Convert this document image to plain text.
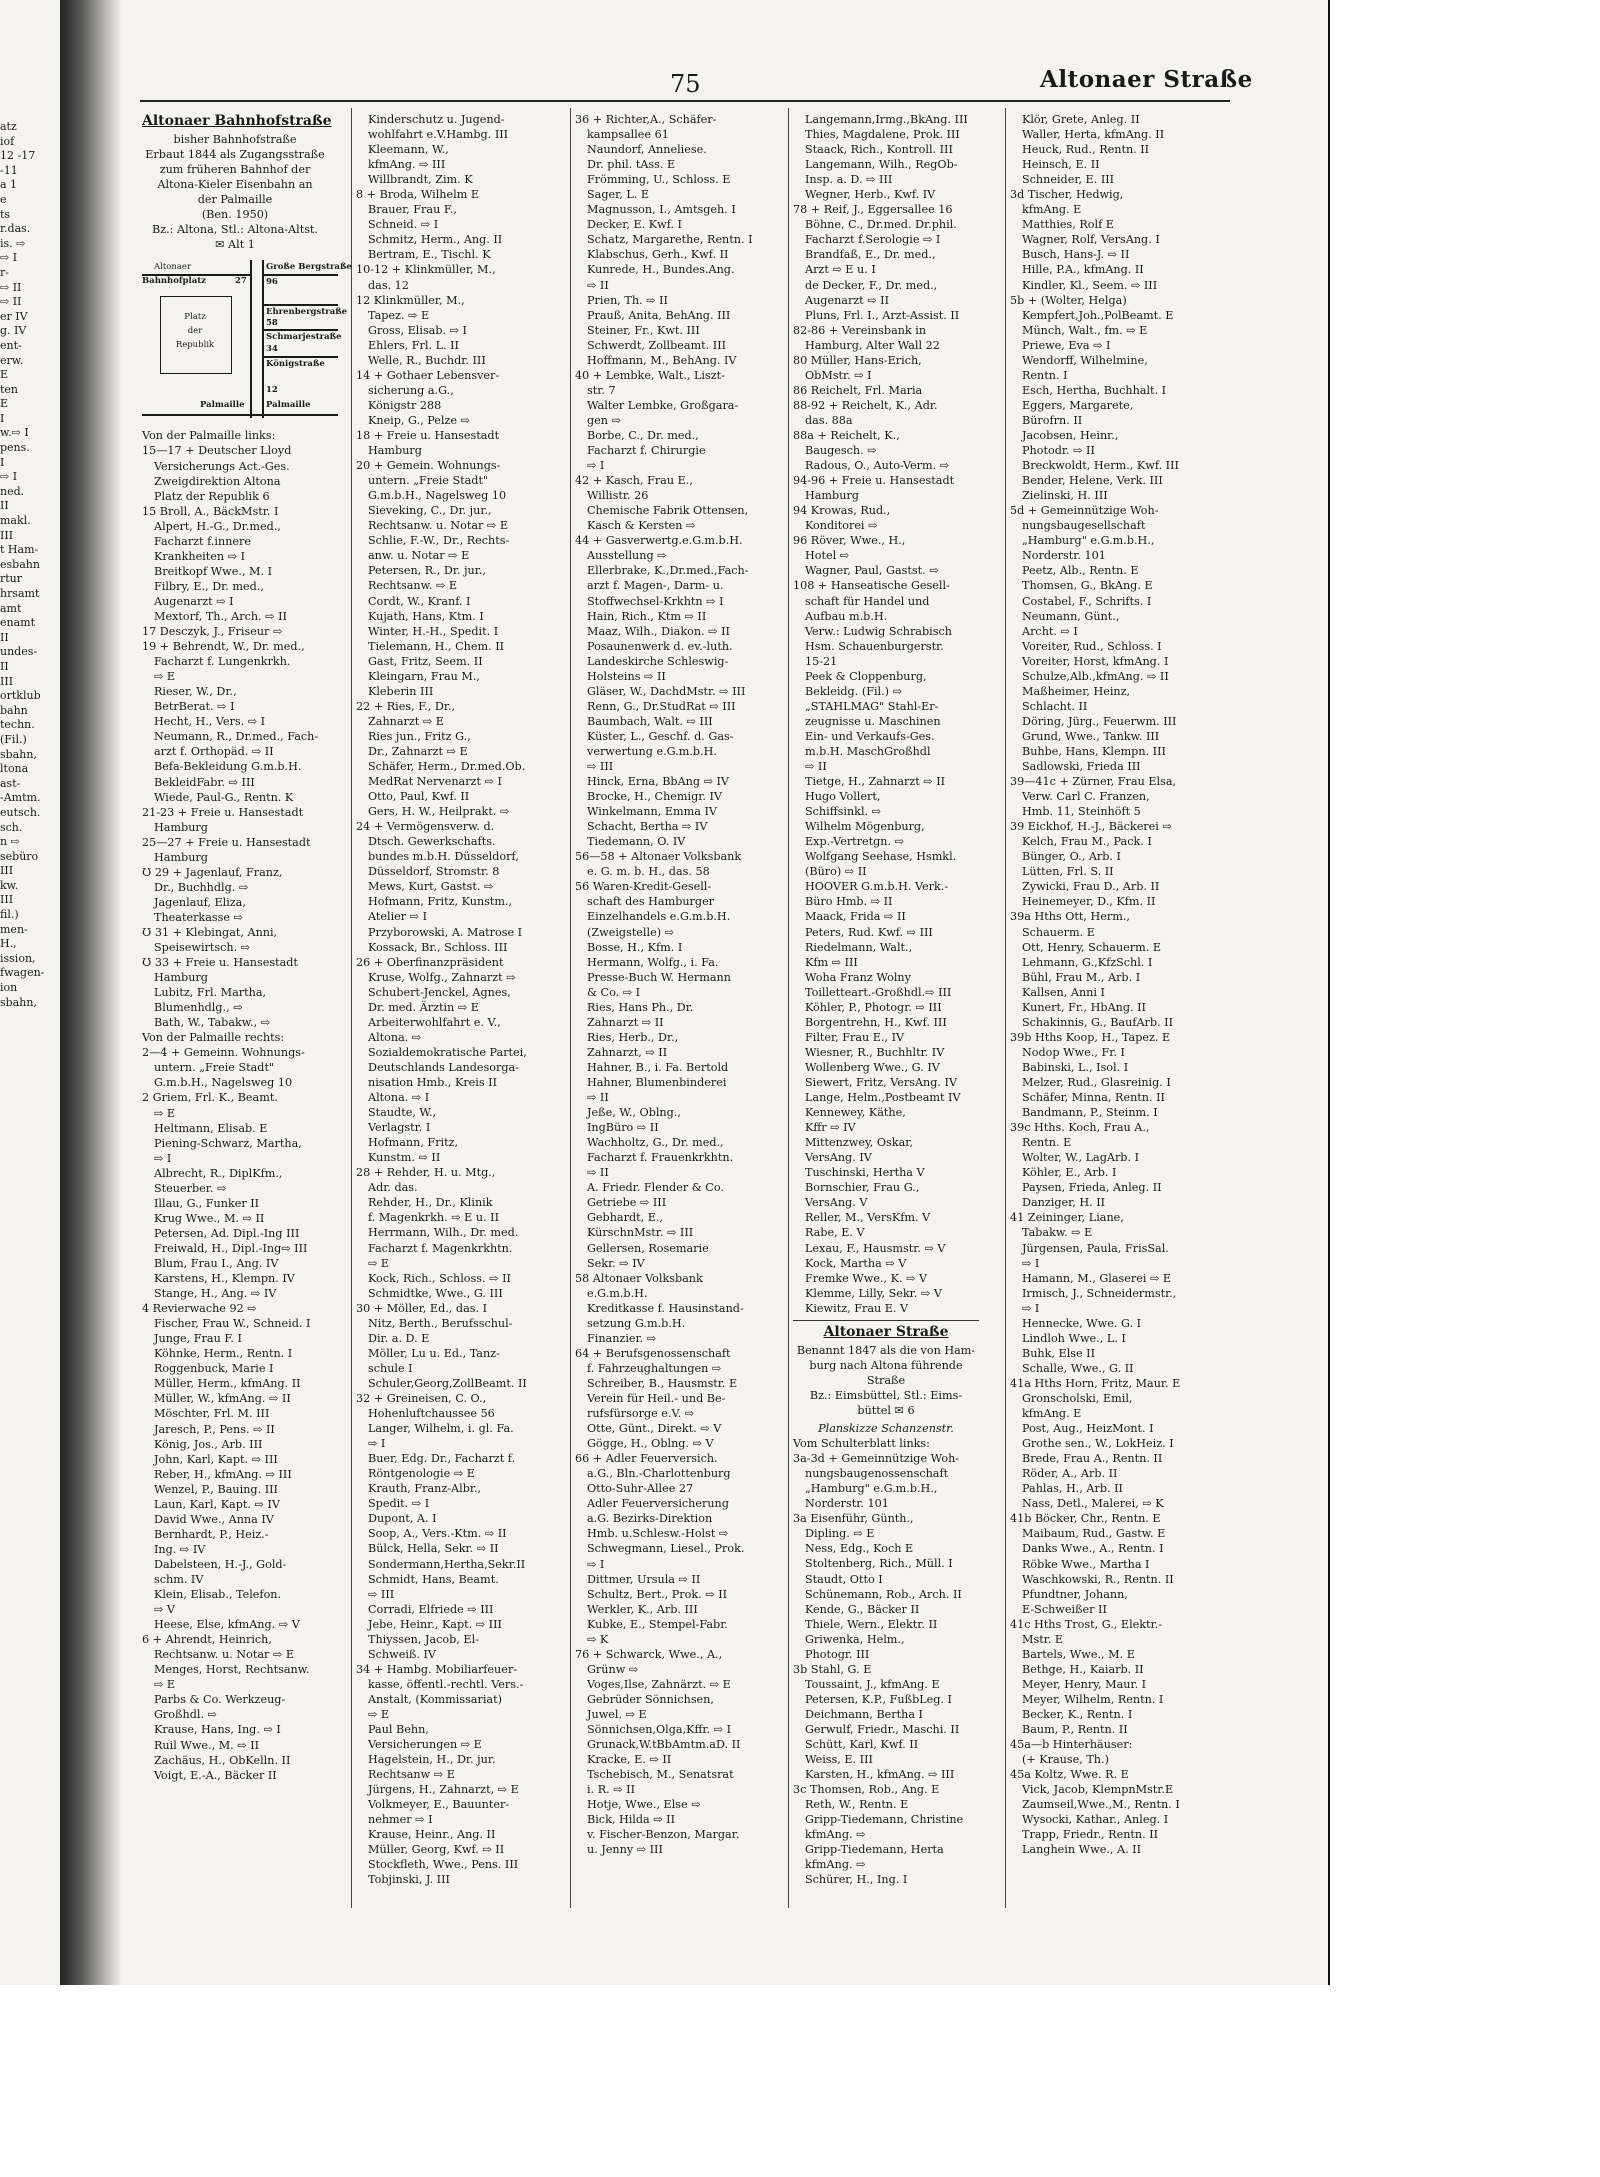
atz
iof
12 -17
-11
a 1
e
ts
r.das.
is. ⇨
⇨ I
r-
⇨ II
⇨ II
er IV
g. IV
ent-
erw.
E
ten
E
I
w.⇨ I
pens.
I
⇨ I
ned.
II
makl.
III
t Ham-
esbahn
rtur
hrsamt
amt
enamt
II
undes-
II
III
ortklub
bahn
techn.
(Fil.)
sbahn,
ltona
ast-
-Amtm.
eutsch.
sch.
n ⇨
sebüro
III
kw.
III
fil.)
men-
H.,
ission,
fwagen-
ion
sbahn,
75	Altonaer Straße
Altonaer Bahnhofstraße
bisher Bahnhofstraße
Erbaut 1844 als Zugangsstraße
zum früheren Bahnhof der
Altona-Kieler Eisenbahn an
der Palmaille
(Ben. 1950)
Bz.: Altona, Stl.: Altona-Altst.
✉ Alt 1
Altonaer
Bahnhofplatz	27
Große Bergstraße
96
Ehrenbergstraße
58
Schmarjestraße
34
Königstraße
Platz
der
Republik
12
Palmaille	Palmaille
Von der Palmaille links:
15—17 + Deutscher Lloyd
Versicherungs Act.-Ges.
Zweigdirektion Altona
Platz der Republik 6
15 Broll, A., BäckMstr. I
Alpert, H.-G., Dr.med.,
Facharzt f.innere
Krankheiten ⇨ I
Breitkopf Wwe., M. I
Filbry, E., Dr. med.,
Augenarzt ⇨ I
Mextorf, Th., Arch. ⇨ II
17 Desczyk, J., Friseur ⇨
19 + Behrendt, W., Dr. med.,
Facharzt f. Lungenkrkh.
⇨ E
Rieser, W., Dr.,
BetrBerat. ⇨ I
Hecht, H., Vers. ⇨ I
Neumann, R., Dr.med., Fach-
arzt f. Orthopäd. ⇨ II
Befa-Bekleidung G.m.b.H.
BekleidFabr. ⇨ III
Wiede, Paul-G., Rentn. K
21-23 + Freie u. Hansestadt
Hamburg
25—27 + Freie u. Hansestadt
Hamburg
Ʊ 29 + Jagenlauf, Franz,
Dr., Buchhdlg. ⇨
Jagenlauf, Eliza,
Theaterkasse ⇨
Ʊ 31 + Klebingat, Anni,
Speisewirtsch. ⇨
Ʊ 33 + Freie u. Hansestadt
Hamburg
Lubitz, Frl. Martha,
Blumenhdlg., ⇨
Bath, W., Tabakw., ⇨
Von der Palmaille rechts:
2—4 + Gemeinn. Wohnungs-
untern. „Freie Stadt"
G.m.b.H., Nagelsweg 10
2 Griem, Frl. K., Beamt.
⇨ E
Heltmann, Elisab. E
Piening-Schwarz, Martha,
⇨ I
Albrecht, R., DiplKfm.,
Steuerber. ⇨
Illau, G., Funker II
Krug Wwe., M. ⇨ II
Petersen, Ad. Dipl.-Ing III
Freiwald, H., Dipl.-Ing⇨ III
Blum, Frau I., Ang. IV
Karstens, H., Klempn. IV
Stange, H., Ang. ⇨ IV
4 Revierwache 92 ⇨
Fischer, Frau W., Schneid. I
Junge, Frau F. I
Köhnke, Herm., Rentn. I
Roggenbuck, Marie I
Müller, Herm., kfmAng. II
Müller, W., kfmAng. ⇨ II
Möschter, Frl. M. III
Jaresch, P., Pens. ⇨ II
König, Jos., Arb. III
John, Karl, Kapt. ⇨ III
Reber, H., kfmAng. ⇨ III
Wenzel, P., Bauing. III
Laun, Karl, Kapt. ⇨ IV
David Wwe., Anna IV
Bernhardt, P., Heiz.-
Ing. ⇨ IV
Dabelsteen, H.-J., Gold-
schm. IV
Klein, Elisab., Telefon.
⇨ V
Heese, Else, kfmAng. ⇨ V
6 + Ahrendt, Heinrich,
Rechtsanw. u. Notar ⇨ E
Menges, Horst, Rechtsanw.
⇨ E
Parbs & Co. Werkzeug-
Großhdl. ⇨
Krause, Hans, Ing. ⇨ I
Ruil Wwe., M. ⇨ II
Zachäus, H., ObKelln. II
Voigt, E.-A., Bäcker II
Kinderschutz u. Jugend-
wohlfahrt e.V.Hambg. III
Kleemann, W.,
kfmAng. ⇨ III
Willbrandt, Zim. K
8 + Broda, Wilhelm E
Brauer, Frau F.,
Schneid. ⇨ I
Schmitz, Herm., Ang. II
Bertram, E., Tischl. K
10-12 + Klinkmüller, M.,
das. 12
12 Klinkmüller, M.,
Tapez. ⇨ E
Gross, Elisab. ⇨ I
Ehlers, Frl. L. II
Welle, R., Buchdr. III
14 + Gothaer Lebensver-
sicherung a.G.,
Königstr 288
Kneip, G., Pelze ⇨
18 + Freie u. Hansestadt
Hamburg
20 + Gemein. Wohnungs-
untern. „Freie Stadt"
G.m.b.H., Nagelsweg 10
Sieveking, C., Dr. jur.,
Rechtsanw. u. Notar ⇨ E
Schlie, F.-W., Dr., Rechts-
anw. u. Notar ⇨ E
Petersen, R., Dr. jur.,
Rechtsanw. ⇨ E
Cordt, W., Kranf. I
Kujath, Hans, Ktm. I
Winter, H.-H., Spedit. I
Tielemann, H., Chem. II
Gast, Fritz, Seem. II
Kleingarn, Frau M.,
Kleberin III
22 + Ries, F., Dr.,
Zahnarzt ⇨ E
Ries jun., Fritz G.,
Dr., Zahnarzt ⇨ E
Schäfer, Herm., Dr.med.Ob.
MedRat Nervenarzt ⇨ I
Otto, Paul, Kwf. II
Gers, H. W., Heilprakt. ⇨
24 + Vermögensverw. d.
Dtsch. Gewerkschafts.
bundes m.b.H. Düsseldorf,
Düsseldorf, Stromstr. 8
Mews, Kurt, Gastst. ⇨
Hofmann, Fritz, Kunstm.,
Atelier ⇨ I
Przyborowski, A. Matrose I
Kossack, Br., Schloss. III
26 + Oberfinanzpräsident
Kruse, Wolfg., Zahnarzt ⇨
Schubert-Jenckel, Agnes,
Dr. med. Ärztin ⇨ E
Arbeiterwohlfahrt e. V.,
Altona. ⇨
Sozialdemokratische Partei,
Deutschlands Landesorga-
nisation Hmb., Kreis II
Altona. ⇨ I
Staudte, W.,
Verlagstr. I
Hofmann, Fritz,
Kunstm. ⇨ II
28 + Rehder, H. u. Mtg.,
Adr. das.
Rehder, H., Dr., Klinik
f. Magenkrkh. ⇨ E u. II
Herrmann, Wilh., Dr. med.
Facharzt f. Magenkrkhtn.
⇨ E
Kock, Rich., Schloss. ⇨ II
Schmidtke, Wwe., G. III
30 + Möller, Ed., das. I
Nitz, Berth., Berufsschul-
Dir. a. D. E
Möller, Lu u. Ed., Tanz-
schule I
Schuler,Georg,ZollBeamt. II
32 + Greineisen, C. O.,
Hohenluftchaussee 56
Langer, Wilhelm, i. gl. Fa.
⇨ I
Buer, Edg. Dr., Facharzt f.
Röntgenologie ⇨ E
Krauth, Franz-Albr.,
Spedit. ⇨ I
Dupont, A. I
Soop, A., Vers.-Ktm. ⇨ II
Bülck, Hella, Sekr. ⇨ II
Sondermann,Hertha,Sekr.II
Schmidt, Hans, Beamt.
⇨ III
Corradi, Elfriede ⇨ III
Jebe, Heinr., Kapt. ⇨ III
Thiyssen, Jacob, El-
Schweiß. IV
34 + Hambg. Mobiliarfeuer-
kasse, öffentl.-rechtl. Vers.-
Anstalt, (Kommissariat)
⇨ E
Paul Behn,
Versicherungen ⇨ E
Hagelstein, H., Dr. jur.
Rechtsanw ⇨ E
Jürgens, H., Zahnarzt, ⇨ E
Volkmeyer, E., Bauunter-
nehmer ⇨ I
Krause, Heinr., Ang. II
Müller, Georg, Kwf. ⇨ II
Stockfleth, Wwe., Pens. III
Tobjinski, J. III
36 + Richter,A., Schäfer-
kampsallee 61
Naundorf, Anneliese.
Dr. phil. tAss. E
Frömming, U., Schloss. E
Sager, L. E
Magnusson, I., Amtsgeh. I
Decker, E. Kwf. I
Schatz, Margarethe, Rentn. I
Klabschus, Gerh., Kwf. II
Kunrede, H., Bundes.Ang.
⇨ II
Prien, Th. ⇨ II
Prauß, Anita, BehAng. III
Steiner, Fr., Kwt. III
Schwerdt, Zollbeamt. III
Hoffmann, M., BehAng. IV
40 + Lembke, Walt., Liszt-
str. 7
Walter Lembke, Großgara-
gen ⇨
Borbe, C., Dr. med.,
Facharzt f. Chirurgie
⇨ I
42 + Kasch, Frau E.,
Willistr. 26
Chemische Fabrik Ottensen,
Kasch & Kersten ⇨
44 + Gasverwertg.e.G.m.b.H.
Ausstellung ⇨
Ellerbrake, K.,Dr.med.,Fach-
arzt f. Magen-, Darm- u.
Stoffwechsel-Krkhtn ⇨ I
Hain, Rich., Ktm ⇨ II
Maaz, Wilh., Diakon. ⇨ II
Posaunenwerk d. ev.-luth.
Landeskirche Schleswig-
Holsteins ⇨ II
Gläser, W., DachdMstr. ⇨ III
Renn, G., Dr.StudRat ⇨ III
Baumbach, Walt. ⇨ III
Küster, L., Geschf. d. Gas-
verwertung e.G.m.b.H.
⇨ III
Hinck, Erna, BbAng ⇨ IV
Brocke, H., Chemigr. IV
Winkelmann, Emma IV
Schacht, Bertha ⇨ IV
Tiedemann, O. IV
56—58 + Altonaer Volksbank
e. G. m. b. H., das. 58
56 Waren-Kredit-Gesell-
schaft des Hamburger
Einzelhandels e.G.m.b.H.
(Zweigstelle) ⇨
Bosse, H., Kfm. I
Hermann, Wolfg., i. Fa.
Presse-Buch W. Hermann
& Co. ⇨ I
Ries, Hans Ph., Dr.
Zahnarzt ⇨ II
Ries, Herb., Dr.,
Zahnarzt, ⇨ II
Hahner, B., i. Fa. Bertold
Hahner, Blumenbinderei
⇨ II
Jeße, W., Oblng.,
IngBüro ⇨ II
Wachholtz, G., Dr. med.,
Facharzt f. Frauenkrkhtn.
⇨ II
A. Friedr. Flender & Co.
Getriebe ⇨ III
Gebhardt, E.,
KürschnMstr. ⇨ III
Gellersen, Rosemarie
Sekr. ⇨ IV
58 Altonaer Volksbank
e.G.m.b.H.
Kreditkasse f. Hausinstand-
setzung G.m.b.H.
Finanzier. ⇨
64 + Berufsgenossenschaft
f. Fahrzeughaltungen ⇨
Schreiber, B., Hausmstr. E
Verein für Heil.- und Be-
rufsfürsorge e.V. ⇨
Otte, Günt., Direkt. ⇨ V
Gögge, H., Oblng. ⇨ V
66 + Adler Feuerversich.
a.G., Bln.-Charlottenburg
Otto-Suhr-Allee 27
Adler Feuerversicherung
a.G. Bezirks-Direktion
Hmb. u.Schlesw.-Holst ⇨
Schwegmann, Liesel., Prok.
⇨ I
Dittmer, Ursula ⇨ II
Schultz, Bert., Prok. ⇨ II
Werkler, K., Arb. III
Kubke, E., Stempel-Fabr.
⇨ K
76 + Schwarck, Wwe., A.,
Grünw ⇨
Voges,Ilse, Zahnärzt. ⇨ E
Gebrüder Sönnichsen,
Juwel. ⇨ E
Sönnichsen,Olga,Kffr. ⇨ I
Grunack,W.tBbAmtm.aD. II
Kracke, E. ⇨ II
Tschebisch, M., Senatsrat
i. R. ⇨ II
Hotje, Wwe., Else ⇨
Bick, Hilda ⇨ II
v. Fischer-Benzon, Margar.
u. Jenny ⇨ III
Langemann,Irmg.,BkAng. III
Thies, Magdalene, Prok. III
Staack, Rich., Kontroll. III
Langemann, Wilh., RegOb-
Insp. a. D. ⇨ III
Wegner, Herb., Kwf. IV
78 + Reif, J., Eggersallee 16
Böhne, C., Dr.med. Dr.phil.
Facharzt f.Serologie ⇨ I
Brandfaß, E., Dr. med.,
Arzt ⇨ E u. I
de Decker, F., Dr. med.,
Augenarzt ⇨ II
Pluns, Frl. I., Arzt-Assist. II
82-86 + Vereinsbank in
Hamburg, Alter Wall 22
80 Müller, Hans-Erich,
ObMstr. ⇨ I
86 Reichelt, Frl. Maria
88-92 + Reichelt, K., Adr.
das. 88a
88a + Reichelt, K.,
Baugesch. ⇨
Radous, O., Auto-Verm. ⇨
94-96 + Freie u. Hansestadt
Hamburg
94 Krowas, Rud.,
Konditorei ⇨
96 Röver, Wwe., H.,
Hotel ⇨
Wagner, Paul, Gastst. ⇨
108 + Hanseatische Gesell-
schaft für Handel und
Aufbau m.b.H.
Verw.: Ludwig Schrabisch
Hsm. Schauenburgerstr.
15-21
Peek & Cloppenburg,
Bekleidg. (Fil.) ⇨
„STAHLMAG" Stahl-Er-
zeugnisse u. Maschinen
Ein- und Verkaufs-Ges.
m.b.H. MaschGroßhdl
⇨ II
Tietge, H., Zahnarzt ⇨ II
Hugo Vollert,
Schiffsinkl. ⇨
Wilhelm Mögenburg,
Exp.-Vertretgn. ⇨
Wolfgang Seehase, Hsmkl.
(Büro) ⇨ II
HOOVER G.m.b.H. Verk.-
Büro Hmb. ⇨ II
Maack, Frida ⇨ II
Peters, Rud. Kwf. ⇨ III
Riedelmann, Walt.,
Kfm ⇨ III
Woha Franz Wolny
Toilletteart.-Großhdl.⇨ III
Köhler, P., Photogr. ⇨ III
Borgentrehn, H., Kwf. III
Filter, Frau E., IV
Wiesner, R., Buchhltr. IV
Wollenberg Wwe., G. IV
Siewert, Fritz, VersAng. IV
Lange, Helm.,Postbeamt IV
Kennewey, Käthe,
Kffr ⇨ IV
Mittenzwey, Oskar,
VersAng. IV
Tuschinski, Hertha V
Bornschier, Frau G.,
VersAng. V
Reller, M., VersKfm. V
Rabe, E. V
Lexau, F., Hausmstr. ⇨ V
Kock, Martha ⇨ V
Fremke Wwe., K. ⇨ V
Klemme, Lilly, Sekr. ⇨ V
Kiewitz, Frau E. V
Altonaer Straße
Benannt 1847 als die von Ham-
burg nach Altona führende
Straße
Bz.: Eimsbüttel, Stl.: Eims-
büttel ✉ 6
Planskizze Schanzenstr.
Vom Schulterblatt links:
3a-3d + Gemeinnützige Woh-
nungsbaugenossenschaft
„Hamburg" e.G.m.b.H.,
Norderstr. 101
3a Eisenführ, Günth.,
Dipling. ⇨ E
Ness, Edg., Koch E
Stoltenberg, Rich., Müll. I
Staudt, Otto I
Schünemann, Rob., Arch. II
Kende, G., Bäcker II
Thiele, Wern., Elektr. II
Griwenka, Helm.,
Photogr. III
3b Stahl, G. E
Toussaint, J., kfmAng. E
Petersen, K.P., FußbLeg. I
Deichmann, Bertha I
Gerwulf, Friedr., Maschi. II
Schütt, Karl, Kwf. II
Weiss, E. III
Karsten, H., kfmAng. ⇨ III
3c Thomsen, Rob., Ang. E
Reth, W., Rentn. E
Gripp-Tiedemann, Christine
kfmAng. ⇨
Gripp-Tiedemann, Herta
kfmAng. ⇨
Schürer, H., Ing. I
Klör, Grete, Anleg. II
Waller, Herta, kfmAng. II
Heuck, Rud., Rentn. II
Heinsch, E. II
Schneider, E. III
3d Tischer, Hedwig,
kfmAng. E
Matthies, Rolf E
Wagner, Rolf, VersAng. I
Busch, Hans-J. ⇨ II
Hille, P.A., kfmAng. II
Kindler, Kl., Seem. ⇨ III
5b + (Wolter, Helga)
Kempfert,Joh.,PolBeamt. E
Münch, Walt., fm. ⇨ E
Priewe, Eva ⇨ I
Wendorff, Wilhelmine,
Rentn. I
Esch, Hertha, Buchhalt. I
Eggers, Margarete,
Bürofrn. II
Jacobsen, Heinr.,
Photodr. ⇨ II
Breckwoldt, Herm., Kwf. III
Bender, Helene, Verk. III
Zielinski, H. III
5d + Gemeinnützige Woh-
nungsbaugesellschaft
„Hamburg" e.G.m.b.H.,
Norderstr. 101
Peetz, Alb., Rentn. E
Thomsen, G., BkAng. E
Costabel, F., Schrifts. I
Neumann, Günt.,
Archt. ⇨ I
Voreiter, Rud., Schloss. I
Voreiter, Horst, kfmAng. I
Schulze,Alb.,kfmAng. ⇨ II
Maßheimer, Heinz,
Schlacht. II
Döring, Jürg., Feuerwm. III
Grund, Wwe., Tankw. III
Buhbe, Hans, Klempn. III
Sadlowski, Frieda III
39—41c + Zürner, Frau Elsa,
Verw. Carl C. Franzen,
Hmb. 11, Steinhöft 5
39 Eickhof, H.-J., Bäckerei ⇨
Kelch, Frau M., Pack. I
Bünger, O., Arb. I
Lütten, Frl. S. II
Zywicki, Frau D., Arb. II
Heinemeyer, D., Kfm. II
39a Hths Ott, Herm.,
Schauerm. E
Ott, Henry, Schauerm. E
Lehmann, G.,KfzSchl. I
Bühl, Frau M., Arb. I
Kallsen, Anni I
Kunert, Fr., HbAng. II
Schakinnis, G., BaufArb. II
39b Hths Koop, H., Tapez. E
Nodop Wwe., Fr. I
Babinski, L., Isol. I
Melzer, Rud., Glasreinig. I
Schäfer, Minna, Rentn. II
Bandmann, P., Steinm. I
39c Hths. Koch, Frau A.,
Rentn. E
Wolter, W., LagArb. I
Köhler, E., Arb. I
Paysen, Frieda, Anleg. II
Danziger, H. II
41 Zeininger, Liane,
Tabakw. ⇨ E
Jürgensen, Paula, FrisSal.
⇨ I
Hamann, M., Glaserei ⇨ E
Irmisch, J., Schneidermstr.,
⇨ I
Hennecke, Wwe. G. I
Lindloh Wwe., L. I
Buhk, Else II
Schalle, Wwe., G. II
41a Hths Horn, Fritz, Maur. E
Gronscholski, Emil,
kfmAng. E
Post, Aug., HeizMont. I
Grothe sen., W., LokHeiz. I
Brede, Frau A., Rentn. II
Röder, A., Arb. II
Pahlas, H., Arb. II
Nass, Detl., Malerei, ⇨ K
41b Böcker, Chr., Rentn. E
Maibaum, Rud., Gastw. E
Danks Wwe., A., Rentn. I
Röbke Wwe., Martha I
Waschkowski, R., Rentn. II
Pfundtner, Johann,
E-Schweißer II
41c Hths Trost, G., Elektr.-
Mstr. E
Bartels, Wwe., M. E
Bethge, H., Kaiarb. II
Meyer, Henry, Maur. I
Meyer, Wilhelm, Rentn. I
Becker, K., Rentn. I
Baum, P., Rentn. II
45a—b Hinterhäuser:
(+ Krause, Th.)
45a Koltz, Wwe. R. E
Vick, Jacob, KlempnMstr.E
Zaumseil,Wwe.,M., Rentn. I
Wysocki, Kathar., Anleg. I
Trapp, Friedr., Rentn. II
Langhein Wwe., A. II
